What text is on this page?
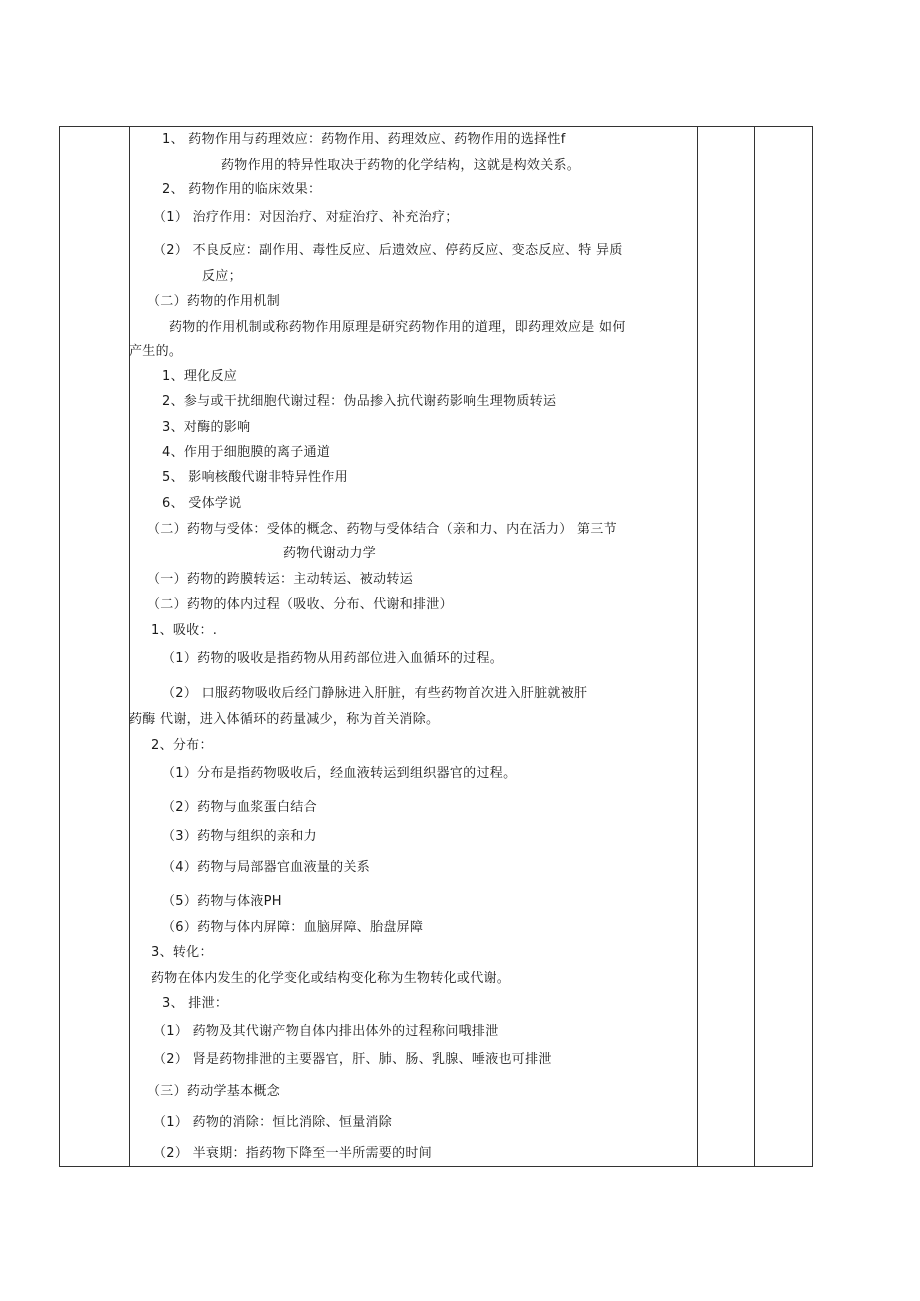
1、 药物作用与药理效应：药物作用、药理效应、药物作用的选择性f
药物作用的特异性取决于药物的化学结构，这就是构效关系。
2、 药物作用的临床效果：
（1） 治疗作用：对因治疗、对症治疗、补充治疗；
（2） 不良反应：副作用、毒性反应、后遗效应、停药反应、变态反应、特 异质
反应；
（二）药物的作用机制
药物的作用机制或称药物作用原理是研究药物作用的道理，即药理效应是 如何
产生的。
1、理化反应
2、参与或干扰细胞代谢过程：伪品掺入抗代谢药影响生理物质转运
3、对酶的影响
4、作用于细胞膜的离子通道
5、 影响核酸代谢非特异性作用
6、 受体学说
（二）药物与受体：受体的概念、药物与受体结合（亲和力、内在活力） 第三节
药物代谢动力学
（一）药物的跨膜转运：主动转运、被动转运
（二）药物的体内过程（吸收、分布、代谢和排泄）
1、吸收：.
（1）药物的吸收是指药物从用药部位进入血循环的过程。
（2） 口服药物吸收后经门静脉进入肝脏，有些药物首次进入肝脏就被肝
药酶 代谢，进入体循环的药量减少，称为首关消除。
2、分布：
（1）分布是指药物吸收后，经血液转运到组织器官的过程。
（2）药物与血浆蛋白结合
（3）药物与组织的亲和力
（4）药物与局部器官血液量的关系
（5）药物与体液PH
（6）药物与体内屏障：血脑屏障、胎盘屏障
3、转化：
药物在体内发生的化学变化或结构变化称为生物转化或代谢。
3、 排泄：
（1） 药物及其代谢产物自体内排出体外的过程称问哦排泄
（2） 肾是药物排泄的主要器官，肝、肺、肠、乳腺、唾液也可排泄
（三）药动学基本概念
（1） 药物的消除：恒比消除、恒量消除
（2） 半衰期：指药物下降至一半所需要的时间
